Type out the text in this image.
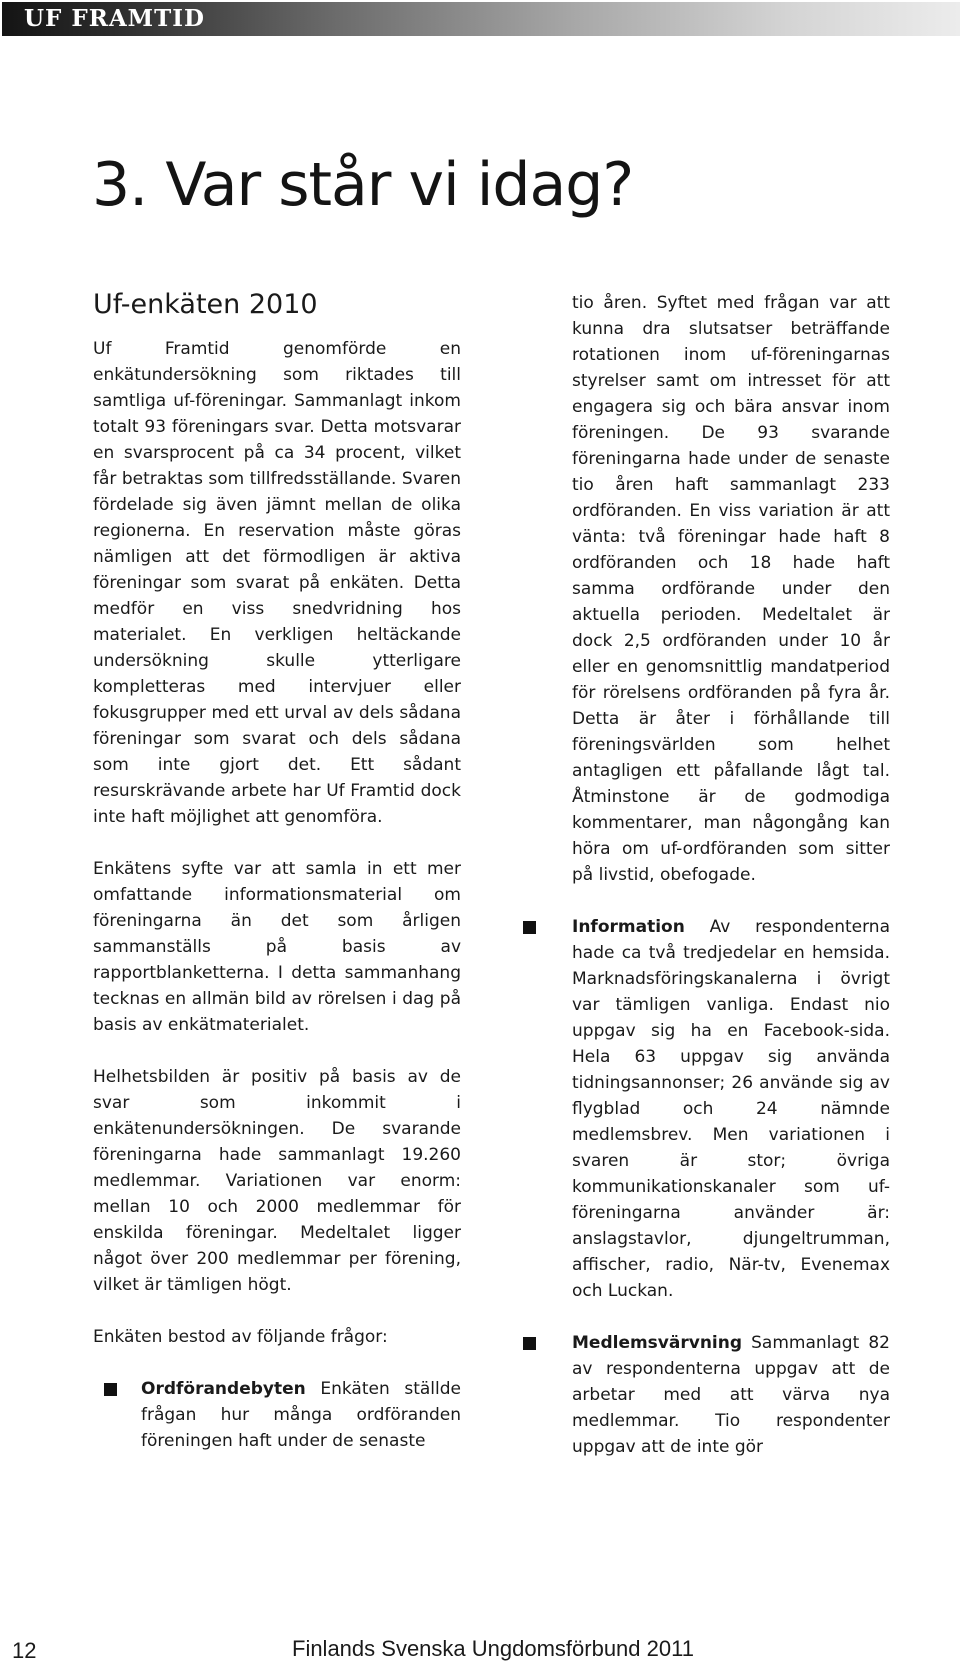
UF FRAMTID
3. Var står vi idag?
Uf-enkäten 2010

Uf Framtid genomförde en enkätundersökning som riktades till samtliga uf-föreningar. Sammanlagt inkom totalt 93 föreningars svar. Detta motsvarar en svarsprocent på ca 34 procent, vilket får betraktas som tillfredsställande. Svaren fördelade sig även jämnt mellan de olika regionerna. En reservation måste göras nämligen att det förmodligen är aktiva föreningar som svarat på enkäten. Detta medför en viss snedvridning hos materialet. En verkligen heltäckande undersökning skulle ytterligare kompletteras med intervjuer eller fokusgrupper med ett urval av dels sådana föreningar som svarat och dels sådana som inte gjort det. Ett sådant resurskrävande arbete har Uf Framtid dock inte haft möjlighet att genomföra.

Enkätens syfte var att samla in ett mer omfattande informationsmaterial om föreningarna än det som årligen sammanställs på basis av rapportblanketterna. I detta sammanhang tecknas en allmän bild av rörelsen i dag på basis av enkätmaterialet.

Helhetsbilden är positiv på basis av de svar som inkommit i enkätenundersökningen. De svarande föreningarna hade sammanlagt 19.260 medlemmar. Variationen var enorm: mellan 10 och 2000 medlemmar för enskilda föreningar. Medeltalet ligger något över 200 medlemmar per förening, vilket är tämligen högt.

Enkäten bestod av följande frågor:

Ordförandebyten Enkäten ställde frågan hur många ordföranden föreningen haft under de senaste

tio åren. Syftet med frågan var att kunna dra slutsatser beträffande rotationen inom uf-föreningarnas styrelser samt om intresset för att engagera sig och bära ansvar inom föreningen. De 93 svarande föreningarna hade under de senaste tio åren haft sammanlagt 233 ordföranden. En viss variation är att vänta: två föreningar hade haft 8 ordföranden och 18 hade haft samma ordförande under den aktuella perioden. Medeltalet är dock 2,5 ordföranden under 10 år eller en genomsnittlig mandatperiod för rörelsens ordföranden på fyra år. Detta är åter i förhållande till föreningsvärlden som helhet antagligen ett påfallande lågt tal. Åtminstone är de godmodiga kommentarer, man någongång kan höra om uf-ordföranden som sitter på livstid, obefogade.

Information Av respondenterna hade ca två tredjedelar en hemsida. Marknadsföringskanalerna i övrigt var tämligen vanliga. Endast nio uppgav sig ha en Facebook-sida. Hela 63 uppgav sig använda tidningsannonser; 26 använde sig av flygblad och 24 nämnde medlemsbrev. Men variationen i svaren är stor; övriga kommunikationskanaler som uf-föreningarna använder är: anslagstavlor, djungeltrumman, affischer, radio, När-tv, Evenemax och Luckan.
Medlemsvärvning Sammanlagt 82 av respondenterna uppgav att de arbetar med att värva nya medlemmar. Tio respondenter uppgav att de inte gör
12	Finlands Svenska Ungdomsförbund 2011
